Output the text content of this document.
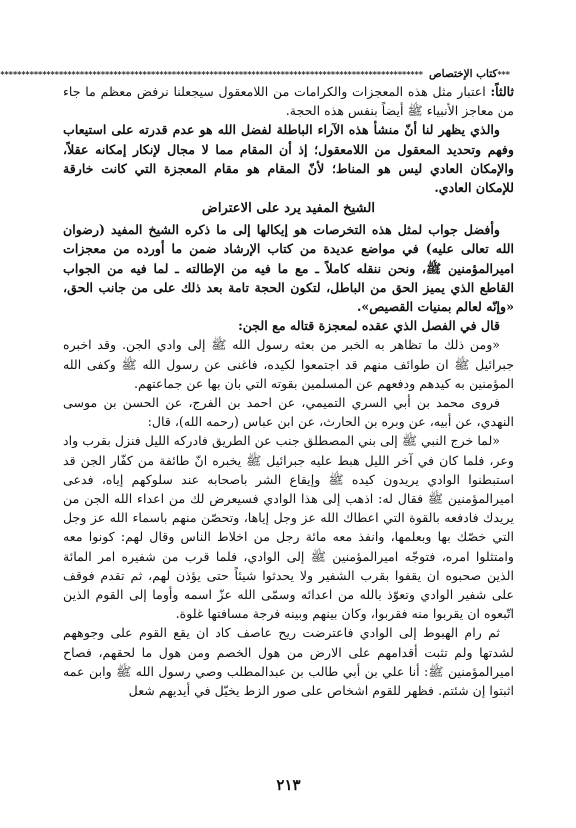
***
كتاب الإختصاص
*****************************************************************************************************

ثالثاً: اعتبار مثل هذه المعجزات والكرامات من اللامعقول سيجعلنا نرفض معظم ما جاء من معاجز الأنبياء ﷺ أيضاً بنفس هذه الحجة.

والذي يظهر لنا أنّ منشأ هذه الآراء الباطلة لفضل الله هو عدم قدرته على استيعاب وفهم وتحديد المعقول من اللامعقول؛ إذ أن المقام مما لا مجال لإنكار إمكانه عقلاً، والإمكان العادي ليس هو المناط؛ لأنّ المقام هو مقام المعجزة التي كانت خارقة للإمكان العادي.

الشيخ المفيد يرد على الاعتراض

وأفضل جواب لمثل هذه التخرصات هو إيكالها إلى ما ذكره الشيخ المفيد (رضوان الله تعالى عليه) في مواضع عديدة من كتاب الإرشاد ضمن ما أورده من معجزات اميرالمؤمنين ﷺ، ونحن ننقله كاملاً ـ مع ما فيه من الإطالته ـ لما فيه من الجواب القاطع الذي يميز الحق من الباطل، لتكون الحجة تامة بعد ذلك على من جانب الحق، «وإنّه لعالم بمنيات القصيص».

قال في الفصل الذي عقده لمعجزة قتاله مع الجن:

«ومن ذلك ما تظاهر به الخبر من بعثه رسول الله ﷺ إلى وادي الجن. وقد اخبره جبرائيل ﷺ ان طوائف منهم قد اجتمعوا لكيده، فاغنى عن رسول الله ﷺ وكفى الله المؤمنين به كيدهم ودفعهم عن المسلمين بقوته التي بان بها عن جماعتهم.

فروى محمد بن أبي السري التميمي، عن احمد بن الفرج، عن الحسن بن موسى النهدي، عن أبيه، عن وبره بن الحارث، عن ابن عباس (رحمه الله)، قال:

«لما خرج النبي ﷺ إلى بني المصطلق جنب عن الطريق فادركه الليل فنزل بقرب واد وعر، فلما كان في آخر الليل هبط عليه جبرائيل ﷺ يخبره انّ طائفة من كفّار الجن قد استبطنوا الوادي يريدون كيده ﷺ وإيقاع الشر باصحابه عند سلوكهم إياه، فدعى اميرالمؤمنين ﷺ فقال له: اذهب إلى هذا الوادي فسيعرض لك من اعداء الله الجن من يريدك فادفعه بالقوة التي اعطاك الله عز وجل إياها، وتحصّن منهم باسماء الله عز وجل التي خصّك بها وبعلمها، وانفذ معه مائة رجل من اخلاط الناس وقال لهم: كونوا معه وامتثلوا امره، فتوجّه اميرالمؤمنين ﷺ إلى الوادي، فلما قرب من شفيره امر المائة الذين صحبوه ان يقفوا بقرب الشفير ولا يحدثوا شيئاً حتى يؤذن لهم، ثم تقدم فوقف على شفير الوادي وتعوّذ بالله من اعدائه وسمّى الله عزّ اسمه وأوما إلى القوم الذين اتّبعوه ان يقربوا منه فقربوا، وكان بينهم وبينه فرجة مسافتها غلوة.

ثم رام الهبوط إلى الوادي فاعترضت ريح عاصف كاد ان يقع القوم على وجوههم لشدتها ولم تثبت أقدامهم على الارض من هول الخصم ومن هول ما لحقهم، فصاح اميرالمؤمنين ﷺ: أنا علي بن أبي طالب بن عبدالمطلب وصي رسول الله ﷺ وابن عمه اثبتوا إن شئتم. فظهر للقوم اشخاص على صور الزط يخيّل في أيديهم شعل

٢١٣
